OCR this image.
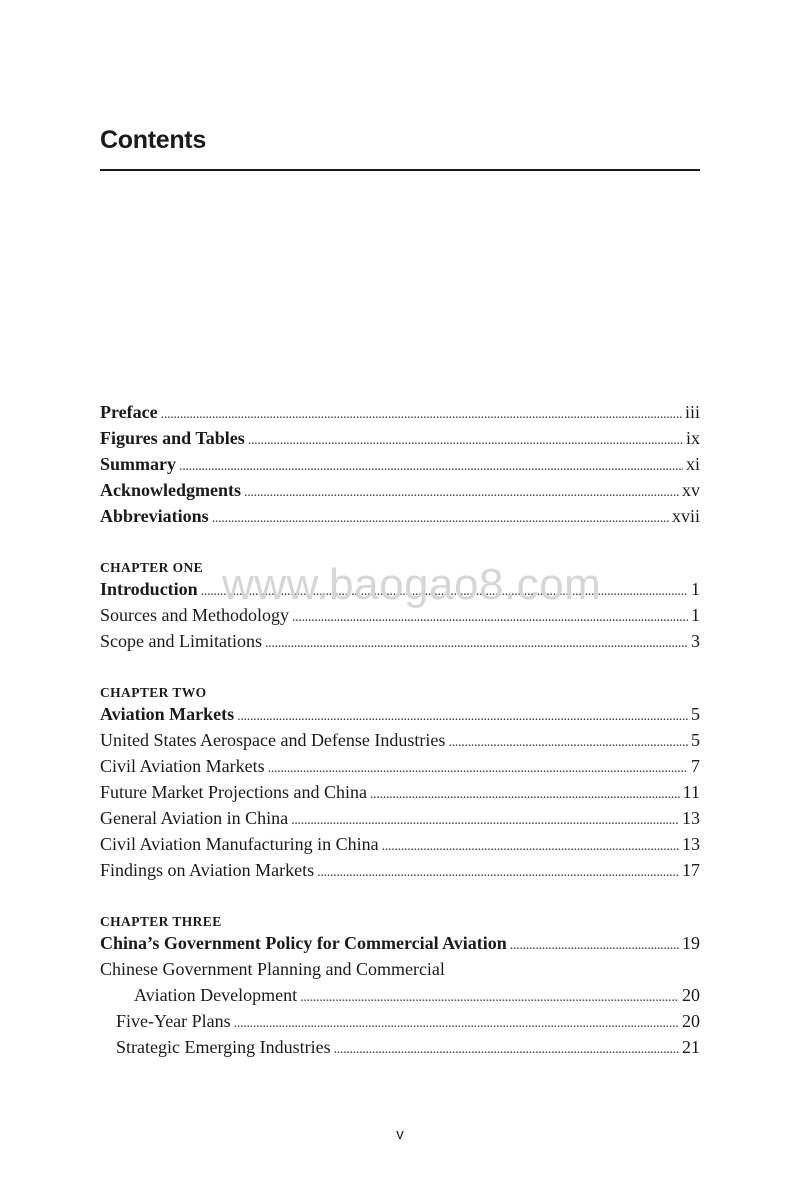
Contents
Preface . . .	iii
Figures and Tables . . .	ix
Summary . . .	xi
Acknowledgments . . .	xv
Abbreviations . . .	xvii
CHAPTER ONE
Introduction . . .	1
Sources and Methodology . . .	1
Scope and Limitations . . .	3
CHAPTER TWO
Aviation Markets . . .	5
United States Aerospace and Defense Industries . . .	5
Civil Aviation Markets . . .	7
Future Market Projections and China . . .	11
General Aviation in China . . .	13
Civil Aviation Manufacturing in China . . .	13
Findings on Aviation Markets . . .	17
CHAPTER THREE
China’s Government Policy for Commercial Aviation . . .	19
Chinese Government Planning and Commercial
Aviation Development . . .	20
Five-Year Plans . . .	20
Strategic Emerging Industries . . .	21
www.baogao8.com
v
